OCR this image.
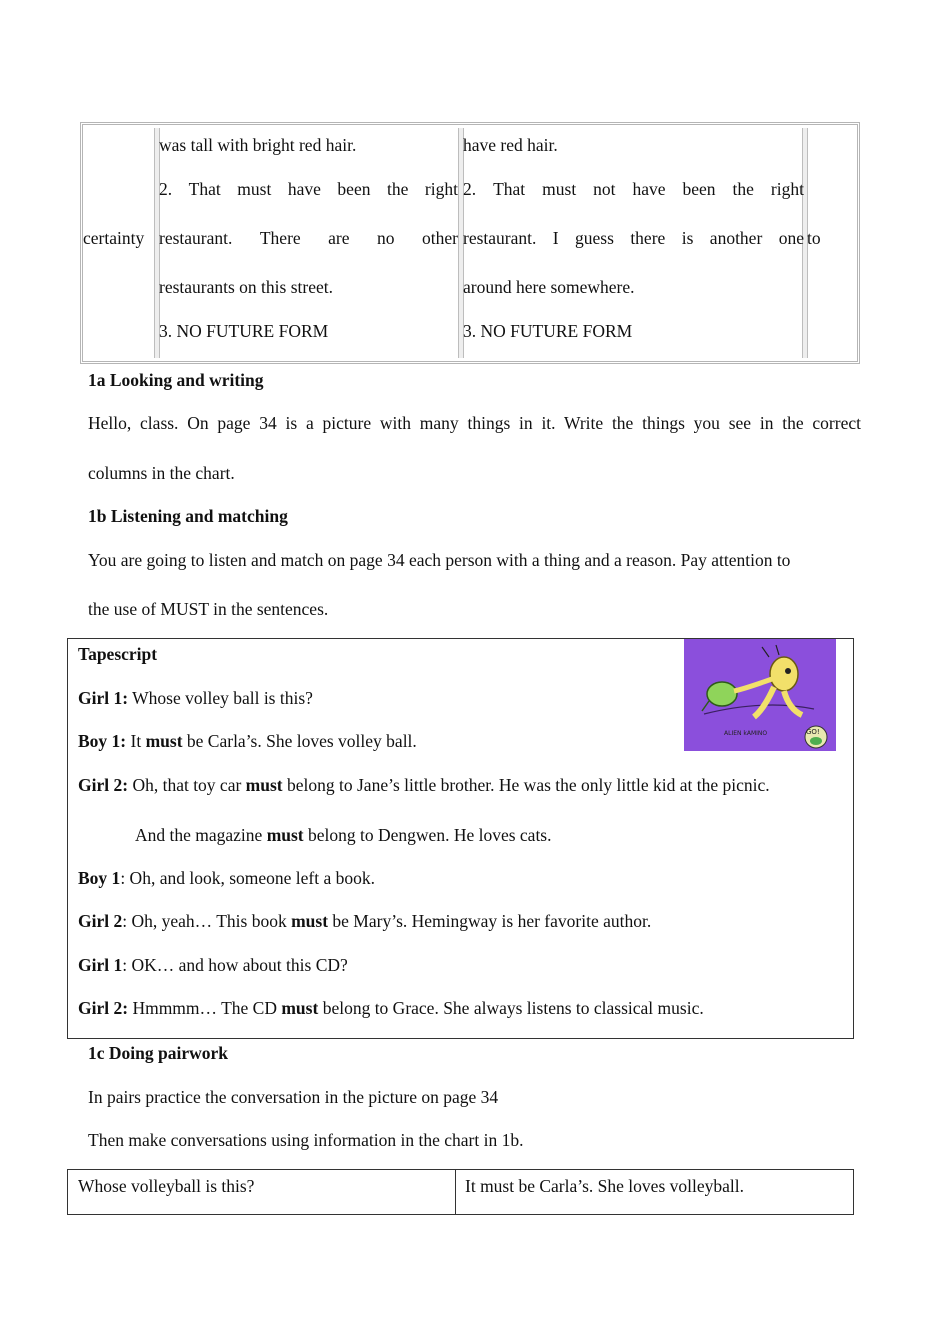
certainty
was tall with bright red hair.
2. That must have been the right
restaurant. There are no other
restaurants on this street.
3. NO FUTURE FORM
have red hair.
2. That must not have been the right
restaurant. I guess there is another one
around here somewhere.
3. NO FUTURE FORM
to
1a Looking and writing
Hello, class. On page 34 is a picture with many things in it. Write the things you see in the correct
columns in the chart.
1b Listening and matching
You are going to listen and match on page 34 each person with a thing and a reason. Pay attention to
the use of MUST in the sentences.
Tapescript
GO!
ALIEN kAMINO
Girl 1: Whose volley ball is this?
Boy 1: It must be Carla’s. She loves volley ball.
Girl 2: Oh, that toy car must belong to Jane’s little brother. He was the only little kid at the picnic.
And the magazine must belong to Dengwen. He loves cats.
Boy 1: Oh, and look, someone left a book.
Girl 2: Oh, yeah… This book must be Mary’s. Hemingway is her favorite author.
Girl 1: OK… and how about this CD?
Girl 2: Hmmmm… The CD must belong to Grace. She always listens to classical music.
1c Doing pairwork
In pairs practice the conversation in the picture on page 34
Then make conversations using information in the chart in 1b.
Whose volleyball is this?	It must be Carla’s. She loves volleyball.
